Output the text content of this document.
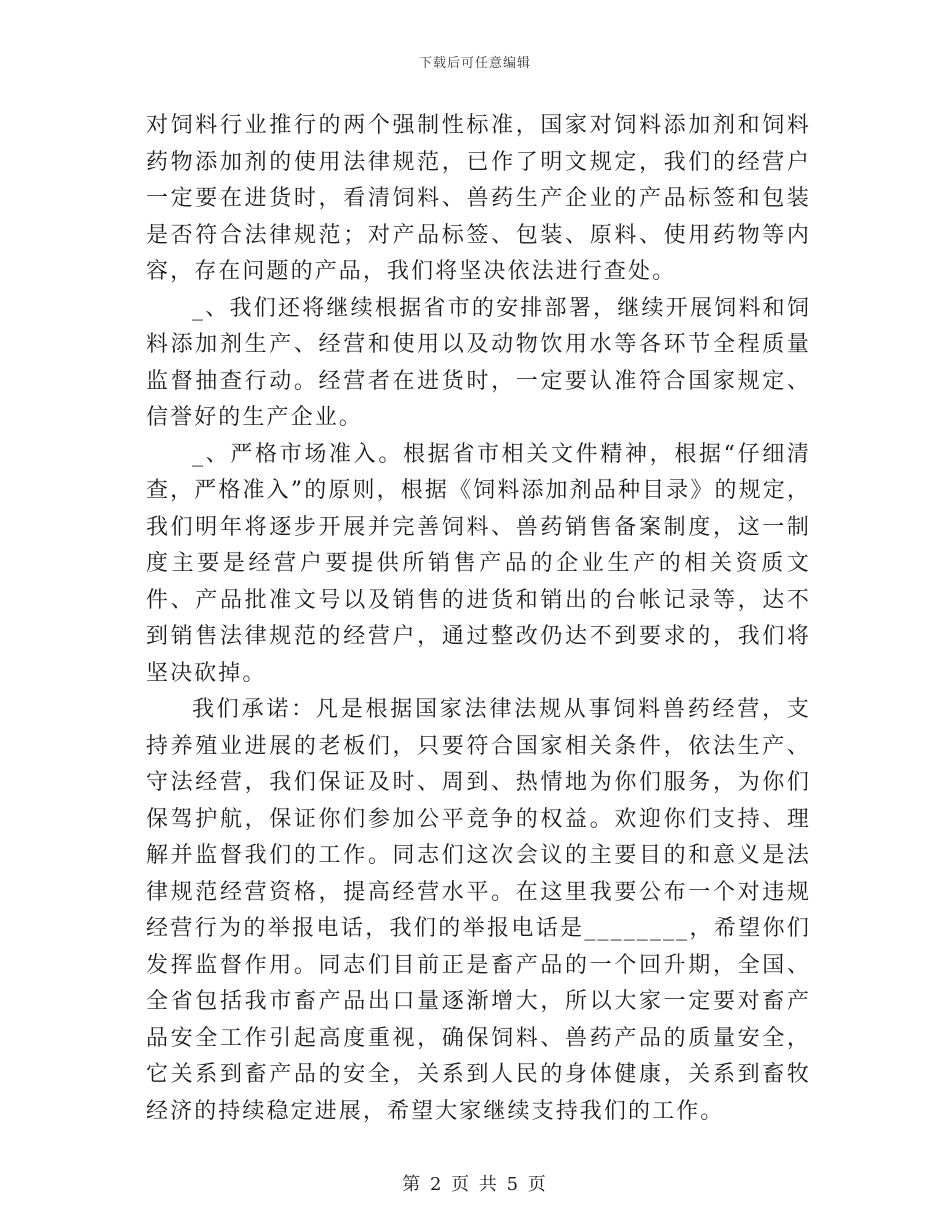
下载后可任意编辑

对饲料行业推行的两个强制性标准，国家对饲料添加剂和饲料药物添加剂的使用法律规范，已作了明文规定，我们的经营户一定要在进货时，看清饲料、兽药生产企业的产品标签和包装是否符合法律规范；对产品标签、包装、原料、使用药物等内容，存在问题的产品，我们将坚决依法进行查处。

_、我们还将继续根据省市的安排部署，继续开展饲料和饲料添加剂生产、经营和使用以及动物饮用水等各环节全程质量监督抽查行动。经营者在进货时，一定要认准符合国家规定、信誉好的生产企业。

_、严格市场准入。根据省市相关文件精神，根据“仔细清查，严格准入”的原则，根据《饲料添加剂品种目录》的规定，我们明年将逐步开展并完善饲料、兽药销售备案制度，这一制度主要是经营户要提供所销售产品的企业生产的相关资质文件、产品批准文号以及销售的进货和销出的台帐记录等，达不到销售法律规范的经营户，通过整改仍达不到要求的，我们将坚决砍掉。

我们承诺：凡是根据国家法律法规从事饲料兽药经营，支持养殖业进展的老板们，只要符合国家相关条件，依法生产、守法经营，我们保证及时、周到、热情地为你们服务，为你们保驾护航，保证你们参加公平竞争的权益。欢迎你们支持、理解并监督我们的工作。同志们这次会议的主要目的和意义是法律规范经营资格，提高经营水平。在这里我要公布一个对违规经营行为的举报电话，我们的举报电话是________，希望你们发挥监督作用。同志们目前正是畜产品的一个回升期，全国、全省包括我市畜产品出口量逐渐增大，所以大家一定要对畜产品安全工作引起高度重视，确保饲料、兽药产品的质量安全，它关系到畜产品的安全，关系到人民的身体健康，关系到畜牧经济的持续稳定进展，希望大家继续支持我们的工作。

第 2 页 共 5 页
